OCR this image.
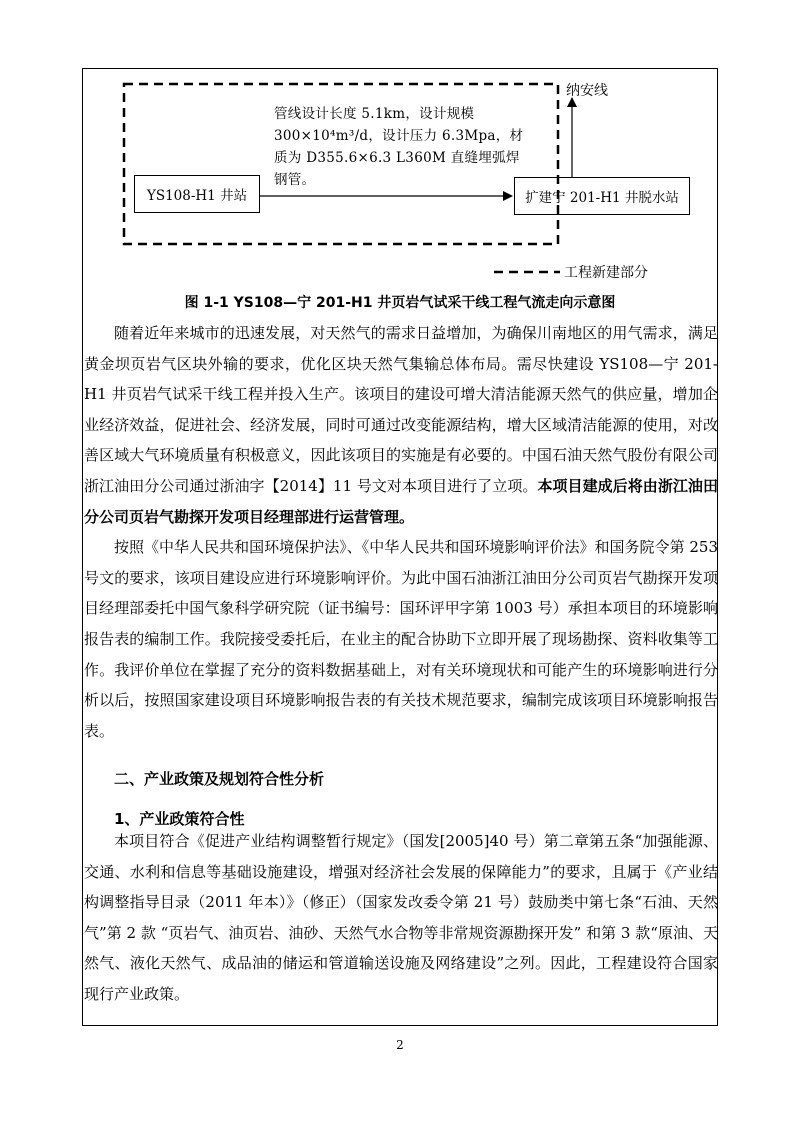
管线设计长度 5.1km，设计规模300×10⁴m³/d，设计压力 6.3Mpa，材质为 D355.6×6.3 L360M 直缝埋弧焊钢管。
YS108-H1 井站	扩建宁 201-H1 井脱水站
纳安线
工程新建部分
图 1-1 YS108—宁 201-H1 井页岩气试采干线工程气流走向示意图

随着近年来城市的迅速发展，对天然气的需求日益增加，为确保川南地区的用气需求，满足黄金坝页岩气区块外输的要求，优化区块天然气集输总体布局。需尽快建设 YS108—宁 201-H1 井页岩气试采干线工程并投入生产。该项目的建设可增大清洁能源天然气的供应量，增加企业经济效益，促进社会、经济发展，同时可通过改变能源结构，增大区域清洁能源的使用，对改善区域大气环境质量有积极意义，因此该项目的实施是有必要的。中国石油天然气股份有限公司浙江油田分公司通过浙油字【2014】11 号文对本项目进行了立项。本项目建成后将由浙江油田分公司页岩气勘探开发项目经理部进行运营管理。

按照《中华人民共和国环境保护法》、《中华人民共和国环境影响评价法》和国务院令第 253 号文的要求，该项目建设应进行环境影响评价。为此中国石油浙江油田分公司页岩气勘探开发项目经理部委托中国气象科学研究院（证书编号：国环评甲字第 1003 号）承担本项目的环境影响报告表的编制工作。我院接受委托后，在业主的配合协助下立即开展了现场勘探、资料收集等工作。我评价单位在掌握了充分的资料数据基础上，对有关环境现状和可能产生的环境影响进行分析以后，按照国家建设项目环境影响报告表的有关技术规范要求，编制完成该项目环境影响报告表。

二、产业政策及规划符合性分析
1、产业政策符合性

本项目符合《促进产业结构调整暂行规定》（国发[2005]40 号）第二章第五条“加强能源、交通、水利和信息等基础设施建设，增强对经济社会发展的保障能力”的要求，且属于《产业结构调整指导目录（2011 年本）》（修正）（国家发改委令第 21 号）鼓励类中第七条“石油、天然气”第 2 款 “页岩气、油页岩、油砂、天然气水合物等非常规资源勘探开发” 和第 3 款“原油、天然气、液化天然气、成品油的储运和管道输送设施及网络建设”之列。因此，工程建设符合国家现行产业政策。

2
